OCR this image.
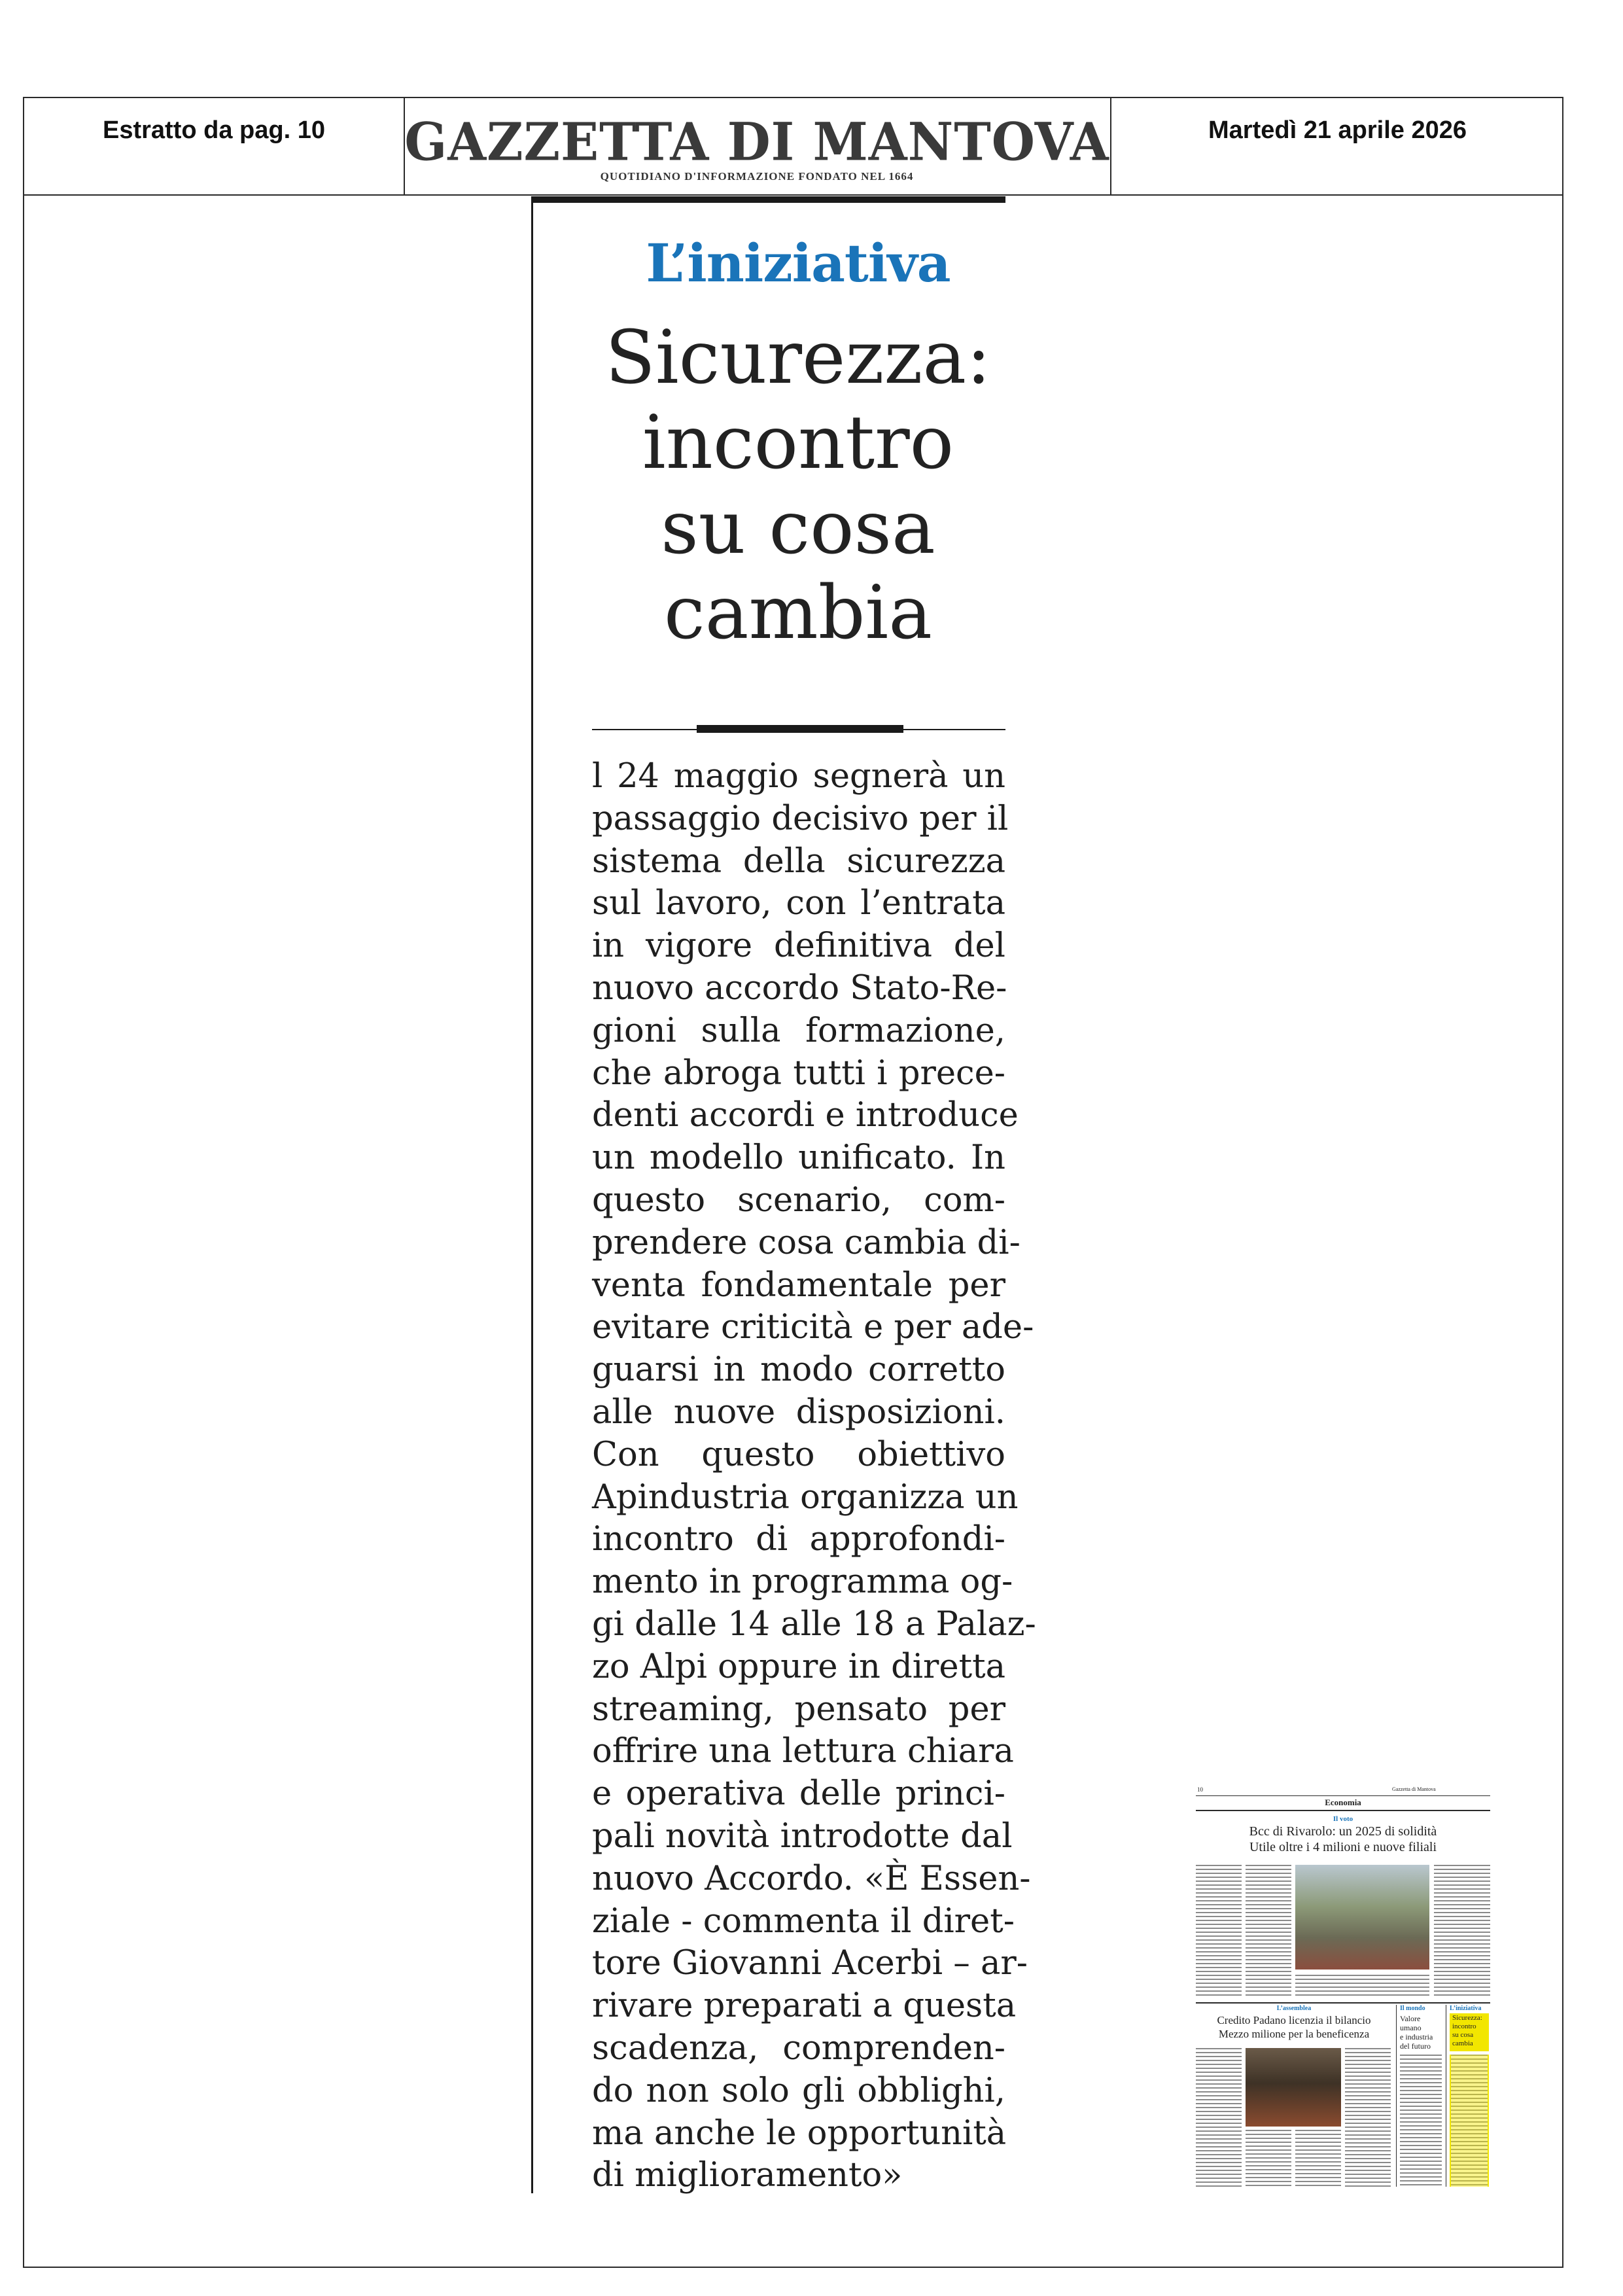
Estratto da pag. 10	GAZZETTA DI MANTOVA
QUOTIDIANO D'INFORMAZIONE FONDATO NEL 1664
Martedì 21 aprile 2026
L’iniziativa
Sicurezza:
incontro
su cosa
cambia
l 24 maggio segnerà un
passaggio decisivo per il
sistema della sicurezza
sul lavoro, con l’entrata
in vigore definitiva del
nuovo accordo Stato-Re-
gioni sulla formazione,
che abroga tutti i prece-
denti accordi e introduce
un modello unificato. In
questo scenario, com-
prendere cosa cambia di-
venta fondamentale per
evitare criticità e per ade-
guarsi in modo corretto
alle nuove disposizioni.
Con questo obiettivo
Apindustria organizza un
incontro di approfondi-
mento in programma og-
gi dalle 14 alle 18 a Palaz-
zo Alpi oppure in diretta
streaming, pensato per
offrire una lettura chiara
e operativa delle princi-
pali novità introdotte dal
nuovo Accordo. «È Essen-
ziale - commenta il diret-
tore Giovanni Acerbi – ar-
rivare preparati a questa
scadenza, comprenden-
do non solo gli obblighi,
ma anche le opportunità
di miglioramento»
10	Gazzetta di Mantova
Economia
Il voto
Bcc di Rivarolo: un 2025 di solidità
Utile oltre i 4 milioni e nuove filiali
L’assemblea
Credito Padano licenzia il bilancio
Mezzo milione per la beneficenza
Il mondo
Valore
umano
e industria
del futuro
L’iniziativa
Sicurezza:
incontro
su cosa
cambia
